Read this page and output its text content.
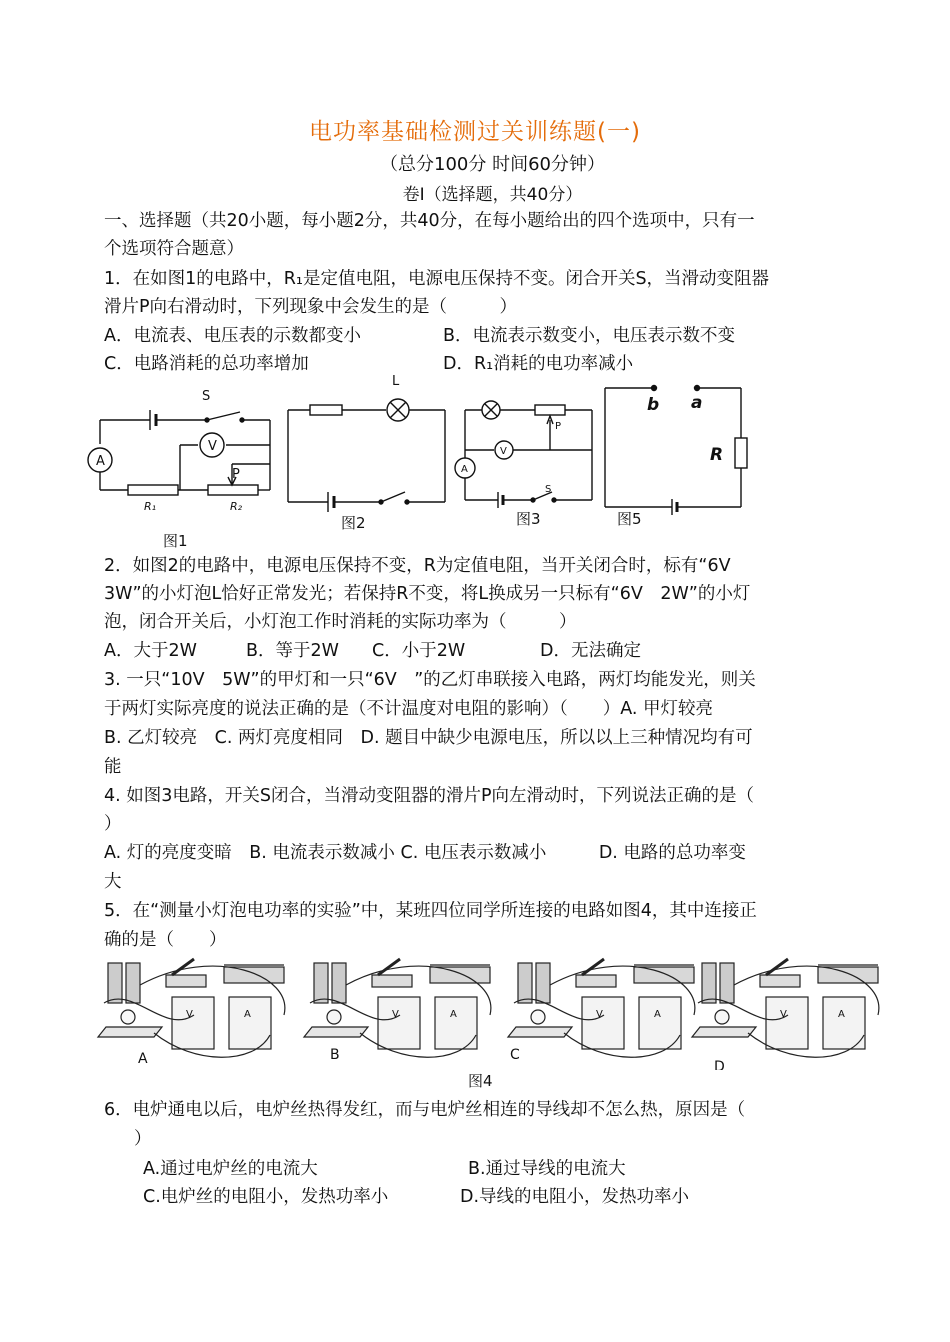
电功率基础检测过关训练题(一)
（总分100分 时间60分钟）
卷Ⅰ（选择题，共40分）
一、选择题（共20小题，每小题2分，共40分，在每小题给出的四个选项中，只有一
个选项符合题意）
1．在如图1的电路中，R₁是定值电阻，电源电压保持不变。闭合开关S，当滑动变阻器
滑片P向右滑动时，下列现象中会发生的是（　　　）
A．电流表、电压表的示数都变小	B．电流表示数变小，电压表示数不变
C．电路消耗的总功率增加	D．R₁消耗的电功率减小
S
A
V
P
R₁	R₂
L
A
V
P
S
b a
R
图1
图2	图3	图5
2．如图2的电路中，电源电压保持不变，R为定值电阻，当开关闭合时，标有“6V
3W”的小灯泡L恰好正常发光；若保持R不变，将L换成另一只标有“6V　2W”的小灯
泡，闭合开关后，小灯泡工作时消耗的实际功率为（　　　）
A．大于2W	B．等于2W C．小于2W	D．无法确定
3. 一只“10V　5W”的甲灯和一只“6V　”的乙灯串联接入电路，两灯均能发光，则关
于两灯实际亮度的说法正确的是（不计温度对电阻的影响）（　　）A. 甲灯较亮
B. 乙灯较亮　C. 两灯亮度相同　D. 题目中缺少电源电压，所以以上三种情况均有可
能
4. 如图3电路，开关S闭合，当滑动变阻器的滑片P向左滑动时，下列说法正确的是（
）
A. 灯的亮度变暗　B. 电流表示数减小 C. 电压表示数减小　　　D. 电路的总功率变
大
5．在“测量小灯泡电功率的实验”中，某班四位同学所连接的电路如图4，其中连接正
确的是（　　）
A	B	C
D
V	A	V	A	V	A	V	A
图4
6．电炉通电以后，电炉丝热得发红，而与电炉丝相连的导线却不怎么热，原因是（
）
A.通过电炉丝的电流大	B.通过导线的电流大
C.电炉丝的电阻小，发热功率小	D.导线的电阻小，发热功率小
